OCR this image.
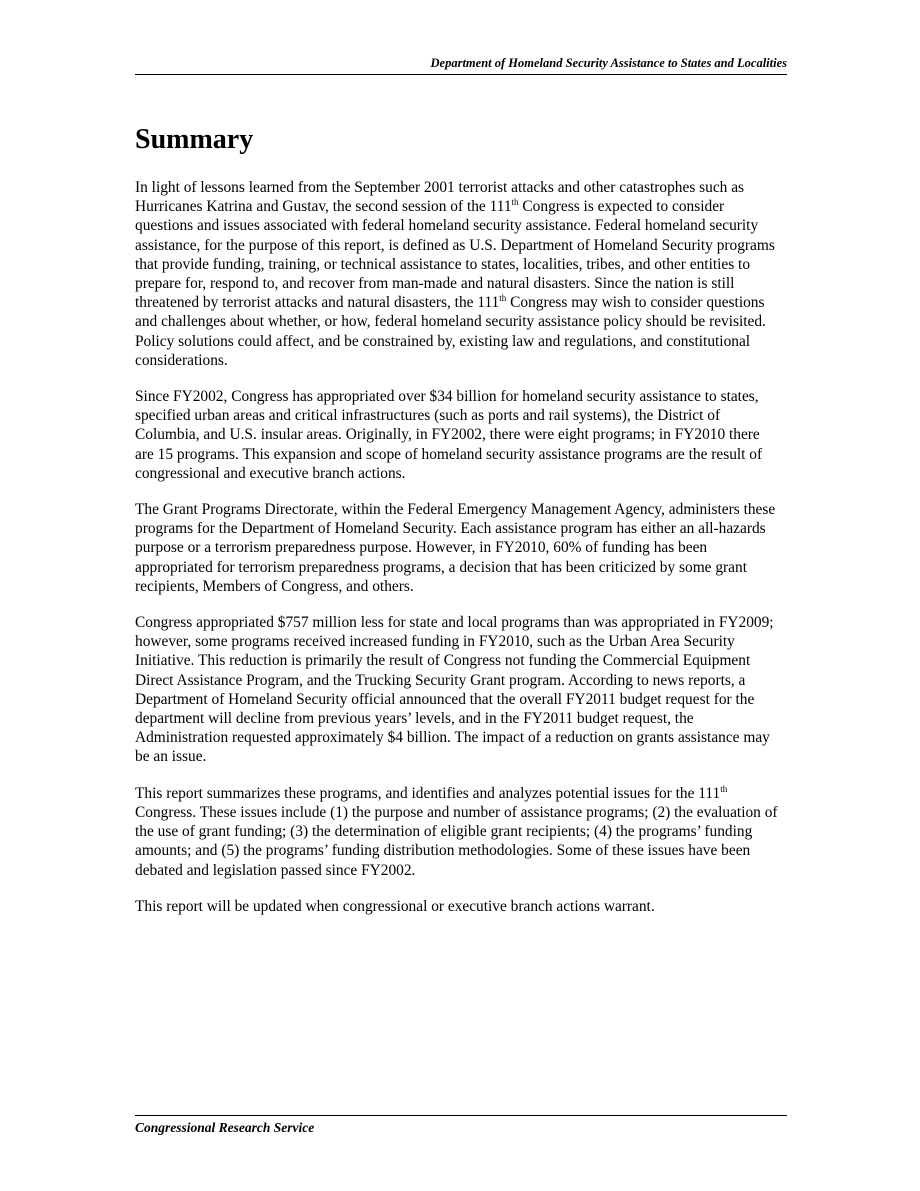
Department of Homeland Security Assistance to States and Localities
Summary

In light of lessons learned from the September 2001 terrorist attacks and other catastrophes such as Hurricanes Katrina and Gustav, the second session of the 111th Congress is expected to consider questions and issues associated with federal homeland security assistance. Federal homeland security assistance, for the purpose of this report, is defined as U.S. Department of Homeland Security programs that provide funding, training, or technical assistance to states, localities, tribes, and other entities to prepare for, respond to, and recover from man-made and natural disasters. Since the nation is still threatened by terrorist attacks and natural disasters, the 111th Congress may wish to consider questions and challenges about whether, or how, federal homeland security assistance policy should be revisited. Policy solutions could affect, and be constrained by, existing law and regulations, and constitutional considerations.

Since FY2002, Congress has appropriated over $34 billion for homeland security assistance to states, specified urban areas and critical infrastructures (such as ports and rail systems), the District of Columbia, and U.S. insular areas. Originally, in FY2002, there were eight programs; in FY2010 there are 15 programs. This expansion and scope of homeland security assistance programs are the result of congressional and executive branch actions.

The Grant Programs Directorate, within the Federal Emergency Management Agency, administers these programs for the Department of Homeland Security. Each assistance program has either an all-hazards purpose or a terrorism preparedness purpose. However, in FY2010, 60% of funding has been appropriated for terrorism preparedness programs, a decision that has been criticized by some grant recipients, Members of Congress, and others.

Congress appropriated $757 million less for state and local programs than was appropriated in FY2009; however, some programs received increased funding in FY2010, such as the Urban Area Security Initiative. This reduction is primarily the result of Congress not funding the Commercial Equipment Direct Assistance Program, and the Trucking Security Grant program. According to news reports, a Department of Homeland Security official announced that the overall FY2011 budget request for the department will decline from previous years’ levels, and in the FY2011 budget request, the Administration requested approximately $4 billion. The impact of a reduction on grants assistance may be an issue.

This report summarizes these programs, and identifies and analyzes potential issues for the 111th Congress. These issues include (1) the purpose and number of assistance programs; (2) the evaluation of the use of grant funding; (3) the determination of eligible grant recipients; (4) the programs’ funding amounts; and (5) the programs’ funding distribution methodologies. Some of these issues have been debated and legislation passed since FY2002.

This report will be updated when congressional or executive branch actions warrant.

Congressional Research Service
